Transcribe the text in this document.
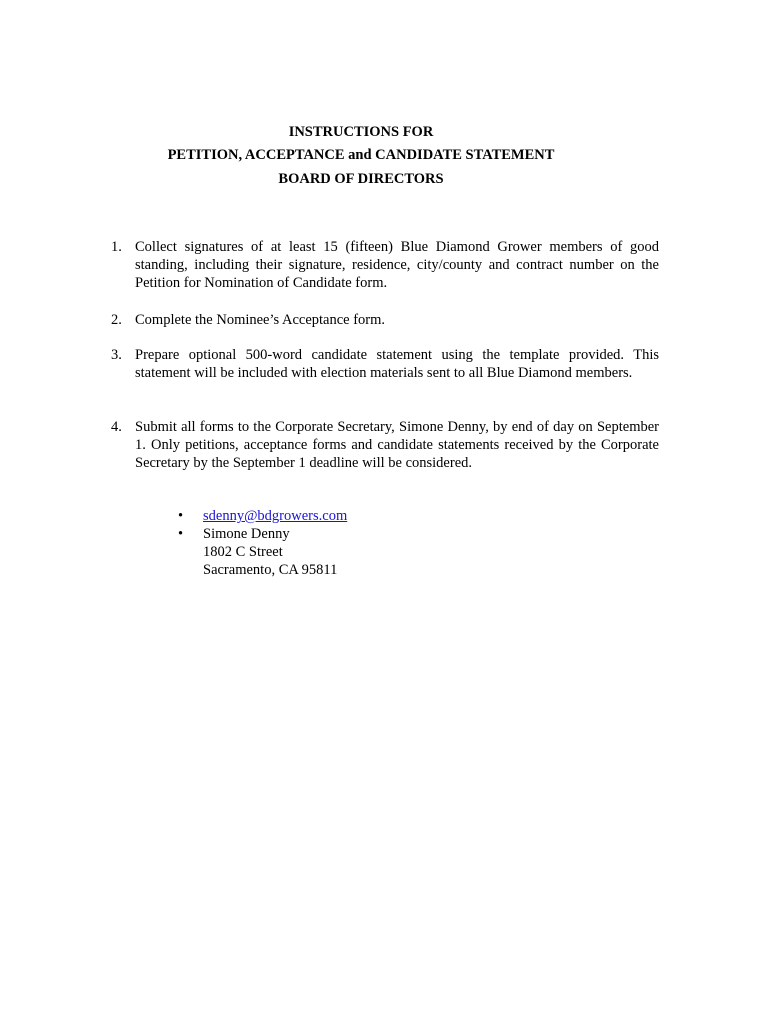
INSTRUCTIONS FOR
PETITION, ACCEPTANCE and CANDIDATE STATEMENT
BOARD OF DIRECTORS
1. Collect signatures of at least 15 (fifteen) Blue Diamond Grower members of good standing, including their signature, residence, city/county and contract number on the Petition for Nomination of Candidate form.
2. Complete the Nominee’s Acceptance form.
3. Prepare optional 500-word candidate statement using the template provided. This statement will be included with election materials sent to all Blue Diamond members.
4. Submit all forms to the Corporate Secretary, Simone Denny, by end of day on September 1. Only petitions, acceptance forms and candidate statements received by the Corporate Secretary by the September 1 deadline will be considered.
•	sdenny@bdgrowers.com
•	Simone Denny
1802 C Street
Sacramento, CA 95811
